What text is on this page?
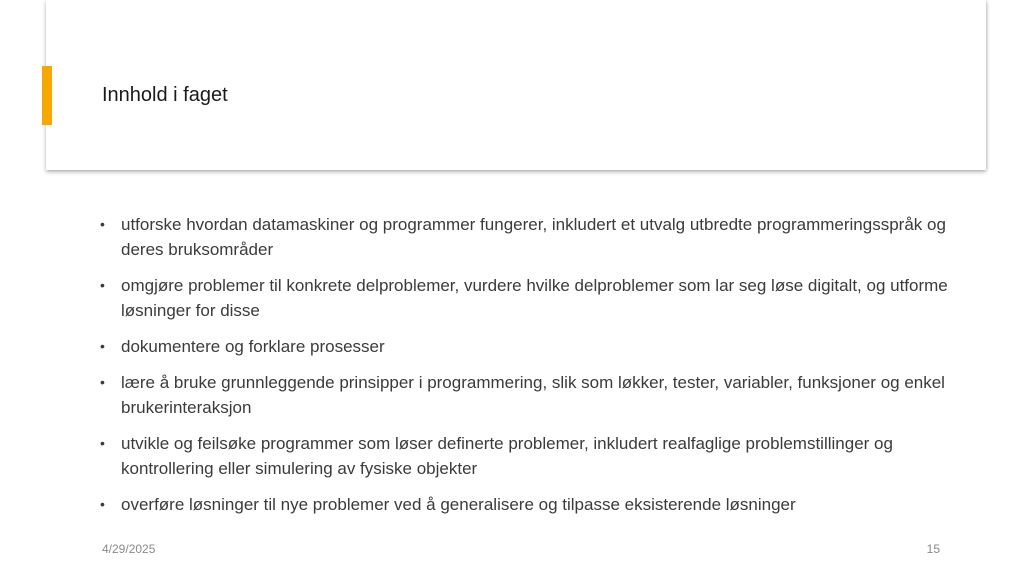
Innhold i faget
• utforske hvordan datamaskiner og programmer fungerer, inkludert et utvalg utbredte programmeringsspråk og deres bruksområder
• omgjøre problemer til konkrete delproblemer, vurdere hvilke delproblemer som lar seg løse digitalt, og utforme løsninger for disse
• dokumentere og forklare prosesser
• lære å bruke grunnleggende prinsipper i programmering, slik som løkker, tester, variabler, funksjoner og enkel brukerinteraksjon
• utvikle og feilsøke programmer som løser definerte problemer, inkludert realfaglige problemstillinger og kontrollering eller simulering av fysiske objekter
• overføre løsninger til nye problemer ved å generalisere og tilpasse eksisterende løsninger
4/29/2025	15
